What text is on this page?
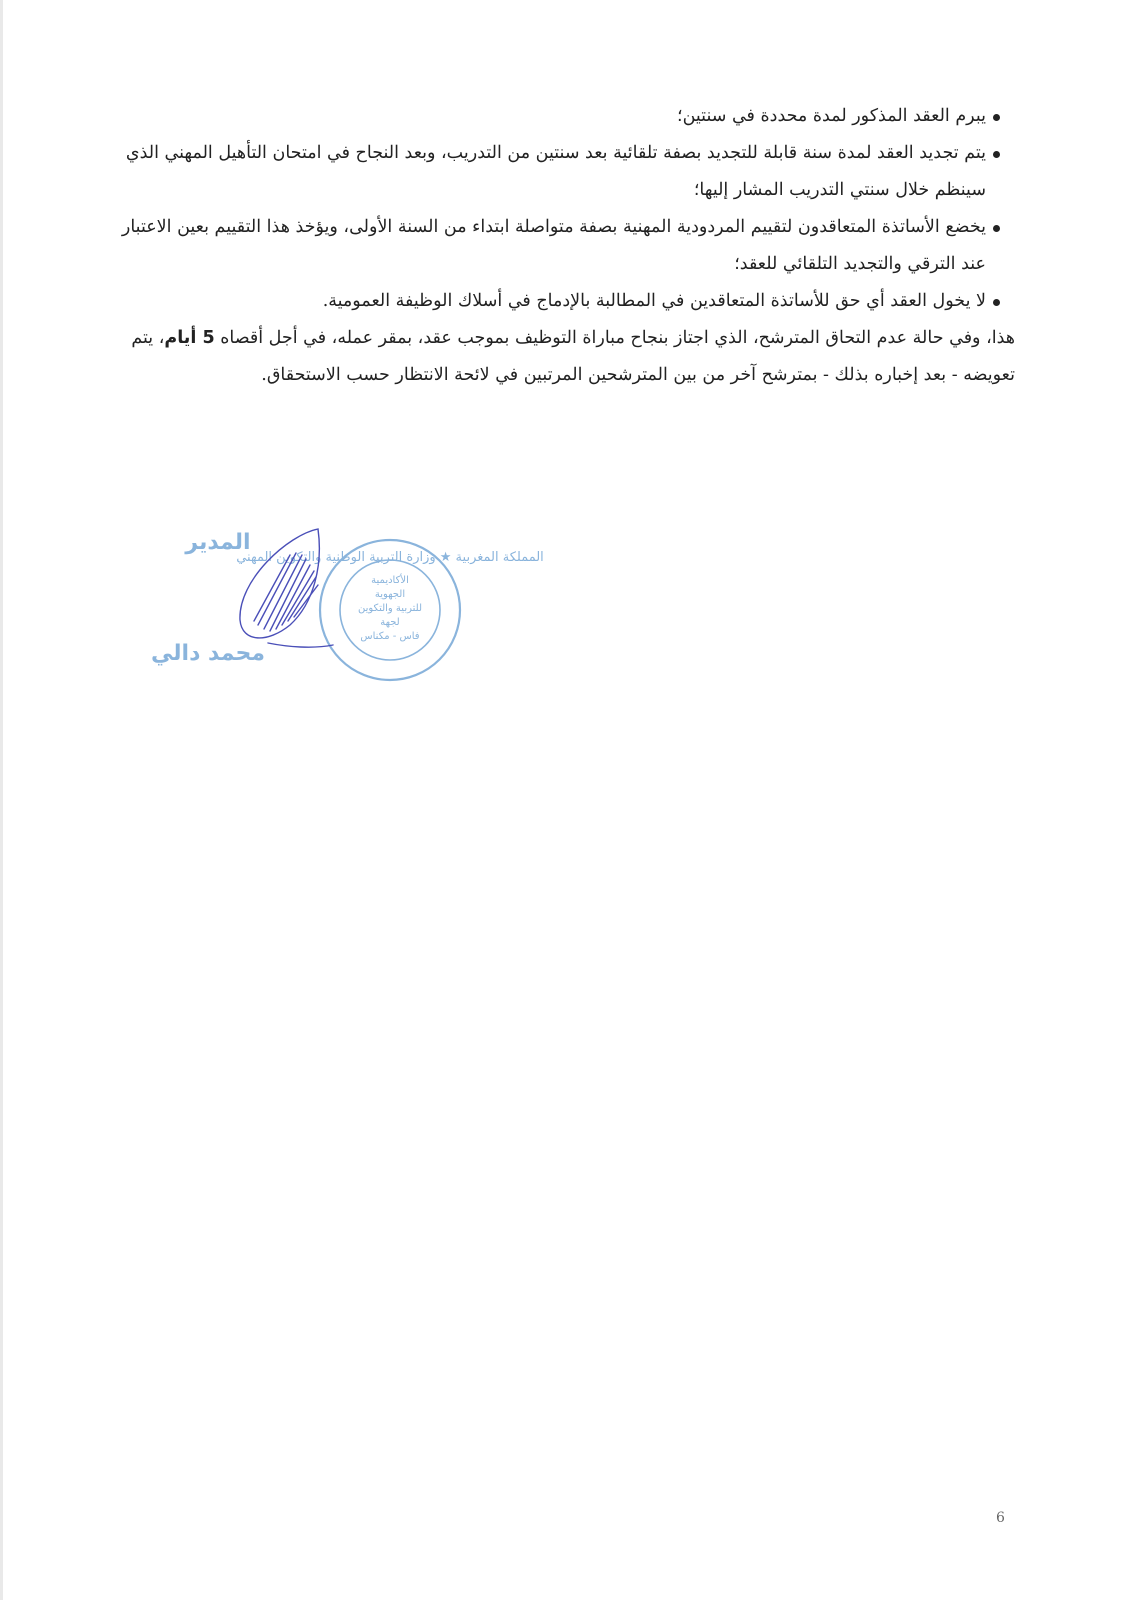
يبرم العقد المذكور لمدة محددة في سنتين؛
يتم تجديد العقد لمدة سنة قابلة للتجديد بصفة تلقائية بعد سنتين من التدريب، وبعد النجاح في امتحان التأهيل المهني الذي سينظم خلال سنتي التدريب المشار إليها؛
يخضع الأساتذة المتعاقدون لتقييم المردودية المهنية بصفة متواصلة ابتداء من السنة الأولى، ويؤخذ هذا التقييم بعين الاعتبار عند الترقي والتجديد التلقائي للعقد؛
لا يخول العقد أي حق للأساتذة المتعاقدين في المطالبة بالإدماج في أسلاك الوظيفة العمومية.

هذا، وفي حالة عدم التحاق المترشح، الذي اجتاز بنجاح مباراة التوظيف بموجب عقد، بمقر عمله، في أجل أقصاه 5 أيام، يتم تعويضه - بعد إخباره بذلك - بمترشح آخر من بين المترشحين المرتبين في لائحة الانتظار حسب الاستحقاق.

المملكة المغربية ★ وزارة التربية الوطنية والتكوين المهني
الأكاديمية
الجهوية
للتربية والتكوين
لجهة
فاس - مكناس
المدير
محمد دالي
6
